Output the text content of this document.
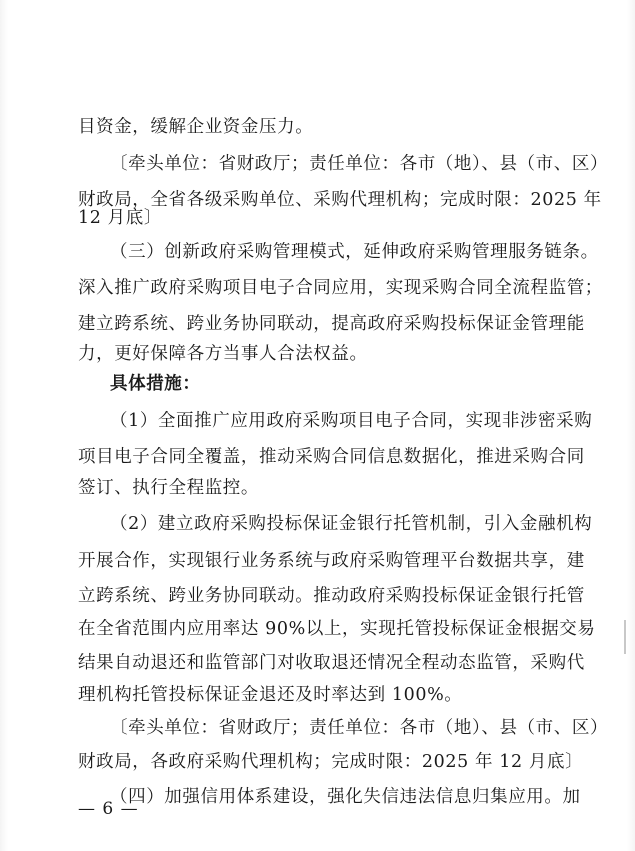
目资金，缓解企业资金压力。
〔牵头单位：省财政厅；责任单位：各市（地）、县（市、区）
财政局，全省各级采购单位、采购代理机构；完成时限：2025 年
12 月底〕
（三）创新政府采购管理模式，延伸政府采购管理服务链条。
深入推广政府采购项目电子合同应用，实现采购合同全流程监管；
建立跨系统、跨业务协同联动，提高政府采购投标保证金管理能
力，更好保障各方当事人合法权益。
具体措施：
（1）全面推广应用政府采购项目电子合同，实现非涉密采购
项目电子合同全覆盖，推动采购合同信息数据化，推进采购合同
签订、执行全程监控。
（2）建立政府采购投标保证金银行托管机制，引入金融机构
开展合作，实现银行业务系统与政府采购管理平台数据共享，建
立跨系统、跨业务协同联动。推动政府采购投标保证金银行托管
在全省范围内应用率达 90%以上，实现托管投标保证金根据交易
结果自动退还和监管部门对收取退还情况全程动态监管，采购代
理机构托管投标保证金退还及时率达到 100%。
〔牵头单位：省财政厅；责任单位：各市（地）、县（市、区）
财政局，各政府采购代理机构；完成时限：2025 年 12 月底〕
（四）加强信用体系建设，强化失信违法信息归集应用。加
— 6 —
